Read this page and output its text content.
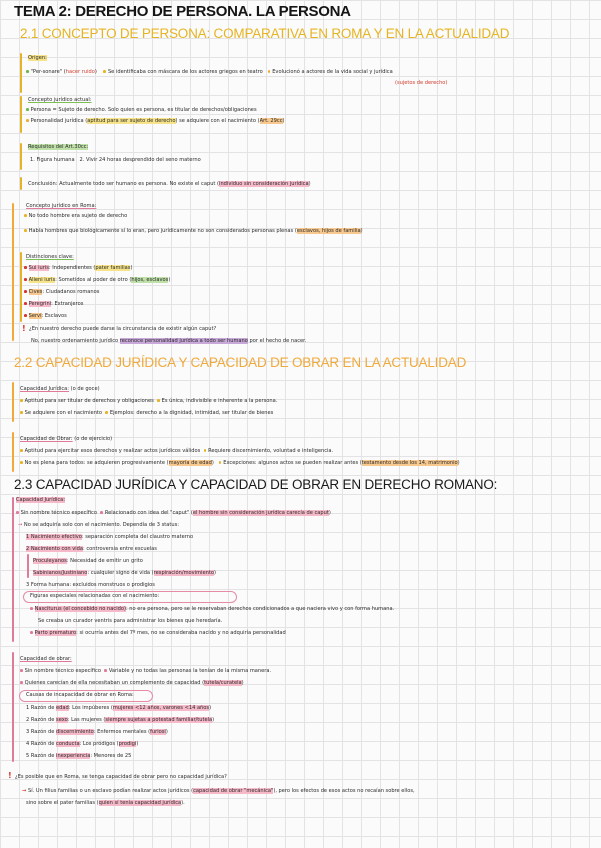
TEMA 2: DERECHO DE PERSONA. LA PERSONA
2.1 CONCEPTO DE PERSONA: COMPARATIVA EN ROMA Y EN LA ACTUALIDAD
Origen:
"Per-sonare" (hacer ruido) Se identificaba con máscara de los actores griegos en teatro Evolucionó a actores de la vida social y jurídica
(sujetos de derecho)
Concepto jurídico actual:
Persona = Sujeto de derecho. Solo quien es persona, es titular de derechos/obligaciones
Personalidad jurídica (aptitud para ser sujeto de derecho) se adquiere con el nacimiento (Art. 29cc)
Requisitos del Art.30cc:
1. Figura humana 2. Vivir 24 horas desprendido del seno materno
Conclusión: Actualmente todo ser humano es persona. No existe el caput (individuo sin consideración jurídica)
Concepto jurídico en Roma:
No todo hombre era sujeto de derecho
Había hombres que biológicamente sí lo eran, pero jurídicamente no son considerados personas plenas (esclavos, hijos de familia)
Distinciones clave:
Sui iuris: Independientes (pater familias)
Alieni iuris: Sometidos al poder de otro (hijos, esclavos)
Cives: Ciudadanos romanos
Peregrini: Extranjeros
Servi: Esclavos
! ¿En nuestro derecho puede darse la circunstancia de existir algún caput?
No, nuestro ordenamiento jurídico reconoce personalidad jurídica a todo ser humano por el hecho de nacer.
2.2 CAPACIDAD JURÍDICA Y CAPACIDAD DE OBRAR EN LA ACTUALIDAD
Capacidad Jurídica: (o de goce)
Aptitud para ser titular de derechos y obligaciones Es única, indivisible e inherente a la persona.
Se adquiere con el nacimiento Ejemplos: derecho a la dignidad, intimidad, ser titular de bienes
Capacidad de Obrar: (o de ejercicio)
Aptitud para ejercitar esos derechos y realizar actos jurídicos válidos Requiere discernimiento, voluntad e inteligencia.
No es plena para todos: se adquieren progresivamente (mayoría de edad) Excepciones: algunos actos se pueden realizar antes (testamento desde los 14, matrimonio)
2.3 CAPACIDAD JURÍDICA Y CAPACIDAD DE OBRAR EN DERECHO ROMANO:
Capacidad Jurídica:
Sin nombre técnico específico Relacionado con idea del "caput" (el hombre sin consideración jurídica carecía de caput)
→ No se adquiría solo con el nacimiento. Dependía de 3 status:
1 Nacimiento efectivo: separación completa del claustro materno
2 Nacimiento con vida: controversia entre escuelas
Proculeyanos: Necesidad de emitir un grito
Sabinianos/Justiniano: cualquier signo de vida (respiración/movimiento)
3 Forma humana: excluidos monstruos o prodigios
Figuras especiales relacionadas con el nacimiento:
Nasciturus (el concebido no nacido): no era persona, pero se le reservaban derechos condicionados a que naciera vivo y con forma humana.
Se creaba un curador ventris para administrar los bienes que heredaría.
Parto prematuro: si ocurría antes del 7º mes, no se consideraba nacido y no adquiría personalidad
Capacidad de obrar:
Sin nombre técnico específico Variable y no todas las personas la tenían de la misma manera.
Quienes carecían de ella necesitaban un complemento de capacidad (tutela/curatela)
Causas de incapacidad de obrar en Roma:
1 Razón de edad: Los impúberes (mujeres <12 años, varones <14 años)
2 Razón de sexo: Las mujeres (siempre sujetas a potestad familiar/tutela)
3 Razón de discernimiento: Enfermos mentales (furiosi)
4 Razón de conducta: Los pródigos (prodigi)
5 Razón de inexperiencia: Menores de 25
! ¿Es posible que en Roma, se tenga capacidad de obrar pero no capacidad jurídica?
→ Sí. Un filius familias o un esclavo podían realizar actos jurídicos (capacidad de obrar "mecánica"), pero los efectos de esos actos no recaían sobre ellos,
sino sobre el pater familias (quien sí tenía capacidad jurídica).
